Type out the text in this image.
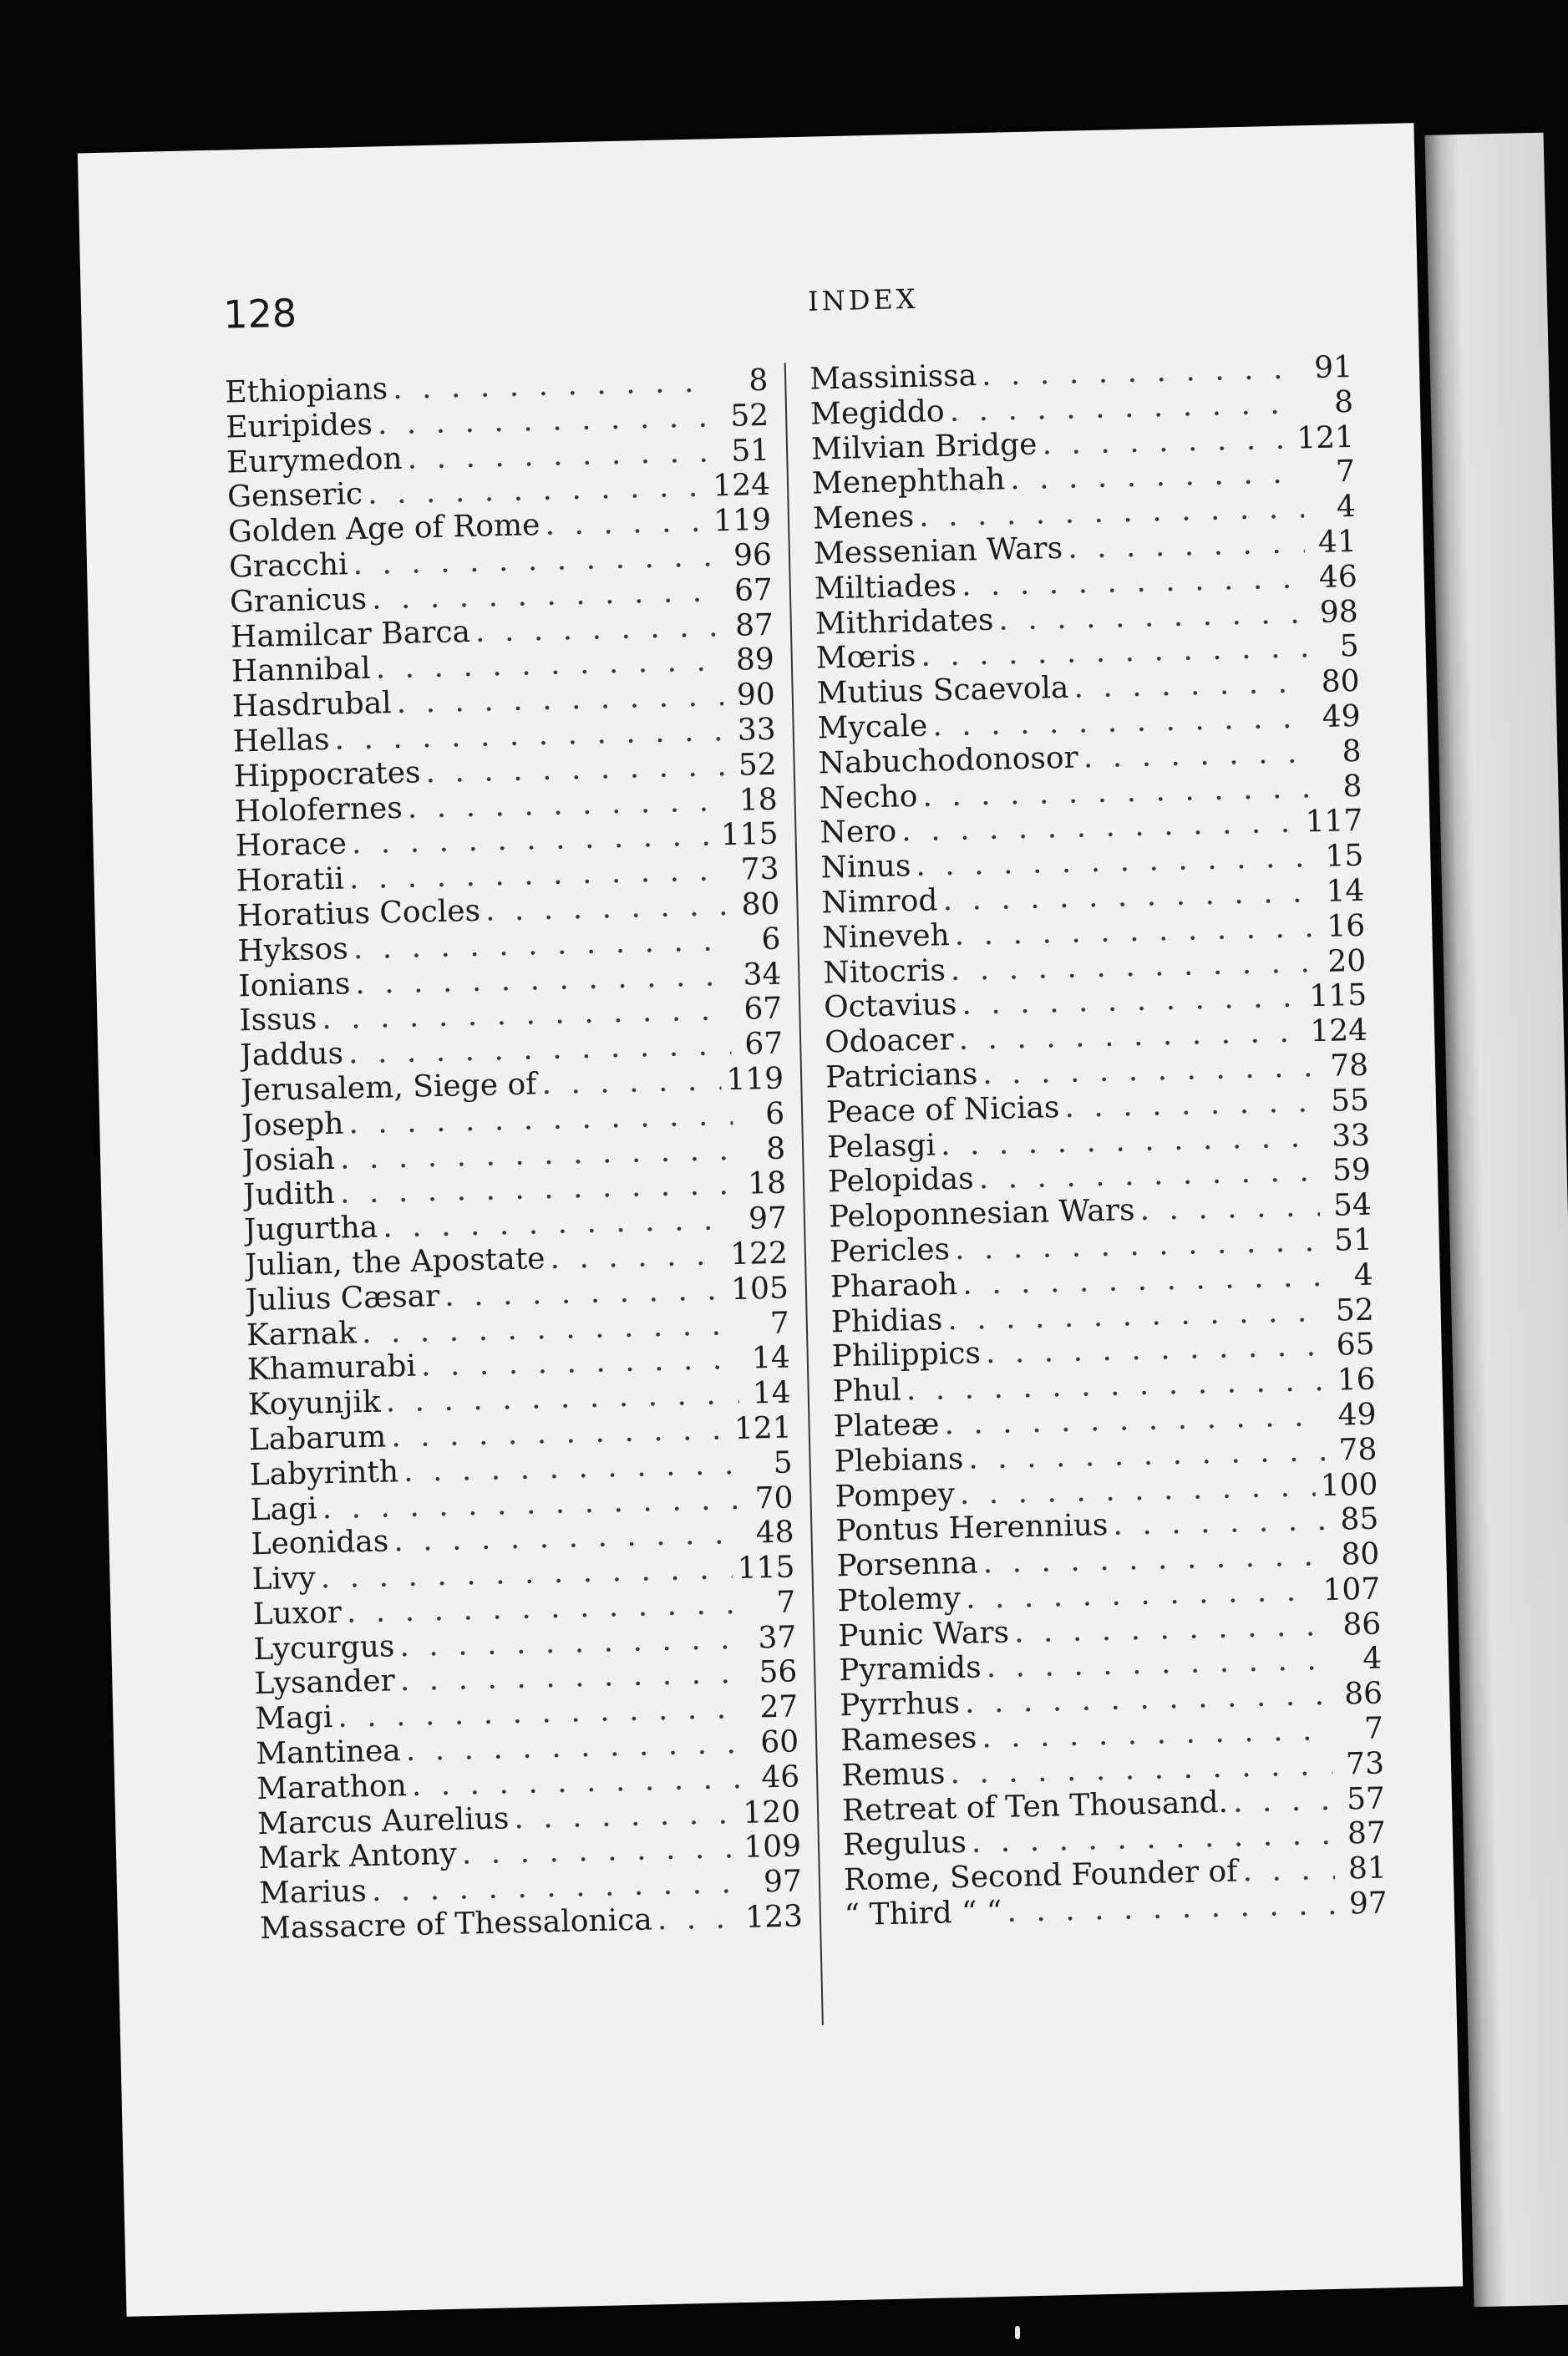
128	INDEX
Ethiopians . . .	8
Euripides . . .	52
Eurymedon . . .	51
Genseric . . .	124
Golden Age of Rome . . .	119
Gracchi . . .	96
Granicus . . .	67
Hamilcar Barca . . .	87
Hannibal . . .	89
Hasdrubal . . .	90
Hellas . . .	33
Hippocrates . . .	52
Holofernes . . .	18
Horace . . .	115
Horatii . . .	73
Horatius Cocles . . .	80
Hyksos . . .	6
Ionians . . .	34
Issus . . .	67
Jaddus . . .	67
Jerusalem, Siege of . . .	119
Joseph . . .	6
Josiah . . .	8
Judith . . .	18
Jugurtha . . .	97
Julian, the Apostate . . .	122
Julius Cæsar . . .	105
Karnak . . .	7
Khamurabi . . .	14
Koyunjik . . .	14
Labarum . . .	121
Labyrinth . . .	5
Lagi . . .	70
Leonidas . . .	48
Livy . . .	115
Luxor . . .	7
Lycurgus . . .	37
Lysander . . .	56
Magi . . .	27
Mantinea . . .	60
Marathon . . .	46
Marcus Aurelius . . .	120
Mark Antony . . .	109
Marius . . .	97
Massacre of Thessalonica . . .	123
Massinissa . . .	91
Megiddo . . .	8
Milvian Bridge . . .	121
Menephthah . . .	7
Menes . . .	4
Messenian Wars . . .	41
Miltiades . . .	46
Mithridates . . .	98
Mœris . . .	5
Mutius Scaevola . . .	80
Mycale . . .	49
Nabuchodonosor . . .	8
Necho . . .	8
Nero . . .	117
Ninus . . .	15
Nimrod . . .	14
Nineveh . . .	16
Nitocris . . .	20
Octavius . . .	115
Odoacer . . .	124
Patricians . . .	78
Peace of Nicias . . .	55
Pelasgi . . .	33
Pelopidas . . .	59
Peloponnesian Wars . . .	54
Pericles . . .	51
Pharaoh . . .	4
Phidias . . .	52
Philippics . . .	65
Phul . . .	16
Plateæ . . .	49
Plebians . . .	78
Pompey . . .	100
Pontus Herennius . . .	85
Porsenna . . .	80
Ptolemy . . .	107
Punic Wars . . .	86
Pyramids . . .	4
Pyrrhus . . .	86
Rameses . . .	7
Remus . . .	73
Retreat of Ten Thousand. . . .	57
Regulus . . .	87
Rome, Second Founder of . . .	81
“ Third “ “ . . .	97
